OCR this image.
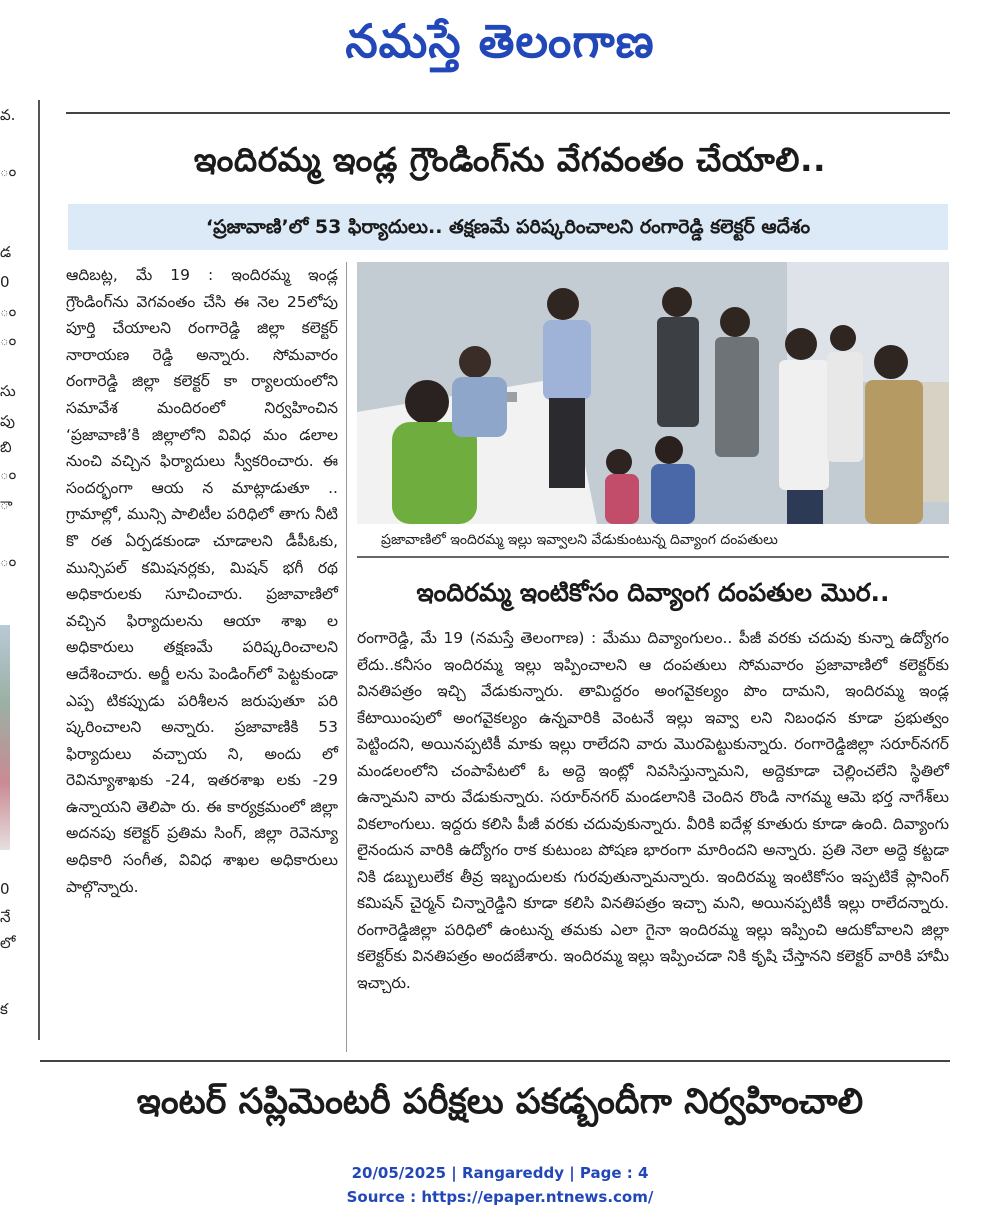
నమస్తే తెలంగాణ
వ.
ం
డ
0
ం
ం
సు
పు
బి
ం
ా
ం
0
నే
లో
క
ఇందిరమ్మ ఇండ్ల గ్రౌండింగ్‌ను వేగవంతం చేయాలి..
‘ప్రజావాణి’లో 53 ఫిర్యాదులు.. తక్షణమే పరిష్కరించాలని రంగారెడ్డి కలెక్టర్ ఆదేశం
ఆదిబట్ల, మే 19 : ఇందిరమ్మ ఇండ్ల గ్రౌండింగ్‌ను వెగవంతం చేసి ఈ నెల 25లోపు పూర్తి చేయాలని రంగారెడ్డి జిల్లా కలెక్టర్ నారాయణ రెడ్డి అన్నారు. సోమవారం రంగారెడ్డి జిల్లా కలెక్టర్ కా ర్యాలయంలోని సమావేశ మందిరంలో నిర్వహించిన ‘ప్రజావాణి’కి జిల్లాలోని వివిధ మం డలాల నుంచి వచ్చిన ఫిర్యాదులు స్వీకరించారు. ఈ సందర్భంగా ఆయ న మాట్లాడుతూ .. గ్రామాల్లో, మున్సి పాలిటీల పరిధిలో తాగు నీటి కొ రత ఏర్పడకుండా చూడాలని డీపీఓకు, మున్సిపల్ కమిషనర్లకు, మిషన్ భగీ రథ అధికారులకు సూచించారు. ప్రజావాణిలో వచ్చిన ఫిర్యాదులను ఆయా శాఖ ల అధికారులు తక్షణమే పరిష్కరించాలని ఆదేశించారు. అర్జీ లను పెండింగ్‌లో పెట్టకుండా ఎప్ప టికప్పుడు పరిశీలన జరుపుతూ పరి ష్కరించాలని అన్నారు. ప్రజావాణికి 53 ఫిర్యాదులు వచ్చాయ ని, అందు లో రెవిన్యూశాఖకు -24, ఇతరశాఖ లకు -29 ఉన్నాయని తెలిపా రు. ఈ కార్యక్రమంలో జిల్లా అదనపు కలెక్టర్ ప్రతిమ సింగ్, జిల్లా రెవెన్యూ అధికారి సంగీత, వివిధ శాఖల అధికారులు పాల్గొన్నారు.
ప్రజావాణిలో ఇందిరమ్మ ఇల్లు ఇవ్వాలని వేడుకుంటున్న దివ్యాంగ దంపతులు
ఇందిరమ్మ ఇంటికోసం దివ్యాంగ దంపతుల మొర..
రంగారెడ్డి, మే 19 (నమస్తే తెలంగాణ) : మేము దివ్యాంగులం.. పీజీ వరకు చదువు కున్నా ఉద్యోగం లేదు..కనీసం ఇందిరమ్మ ఇల్లు ఇప్పించాలని ఆ దంపతులు సోమవారం ప్రజావాణిలో కలెక్టర్‌కు వినతిపత్రం ఇచ్చి వేడుకున్నారు. తామిద్దరం అంగవైకల్యం పొం దామని, ఇందిరమ్మ ఇండ్ల కేటాయింపులో అంగవైకల్యం ఉన్నవారికి వెంటనే ఇల్లు ఇవ్వా లని నిబంధన కూడా ప్రభుత్వం పెట్టిందని, అయినప్పటికీ మాకు ఇల్లు రాలేదని వారు మొరపెట్టుకున్నారు. రంగారెడ్డిజిల్లా సరూర్‌నగర్ మండలంలోని చంపాపేటలో ఓ అద్దె ఇంట్లో నివసిస్తున్నామని, అద్దెకూడా చెల్లించలేని స్థితిలో ఉన్నామని వారు వేడుకున్నారు. సరూర్‌నగర్ మండలానికి చెందిన రొండి నాగమ్మ ఆమె భర్త నాగేశ్‌లు వికలాంగులు. ఇద్దరు కలిసి పీజీ వరకు చదువుకున్నారు. వీరికి ఐదేళ్ల కూతురు కూడా ఉంది. దివ్యాంగు లైనందున వారికి ఉద్యోగం రాక కుటుంబ పోషణ భారంగా మారిందని అన్నారు. ప్రతి నెలా అద్దె కట్టడా నికి డబ్బులులేక తీవ్ర ఇబ్బందులకు గురవుతున్నామన్నారు. ఇందిరమ్మ ఇంటికోసం ఇప్పటికే ప్లానింగ్ కమిషన్ చైర్మన్ చిన్నారెడ్డిని కూడా కలిసి వినతిపత్రం ఇచ్చా మని, అయినప్పటికీ ఇల్లు రాలేదన్నారు. రంగారెడ్డిజిల్లా పరిధిలో ఉంటున్న తమకు ఎలా గైనా ఇందిరమ్మ ఇల్లు ఇప్పించి ఆదుకోవాలని జిల్లా కలెక్టర్‌కు వినతిపత్రం అందజేశారు. ఇందిరమ్మ ఇల్లు ఇప్పించడా నికి కృషి చేస్తానని కలెక్టర్ వారికి హామీ ఇచ్చారు.
ఇంటర్ సప్లిమెంటరీ పరీక్షలు పకడ్బందీగా నిర్వహించాలి
20/05/2025 | Rangareddy | Page : 4
Source : https://epaper.ntnews.com/
